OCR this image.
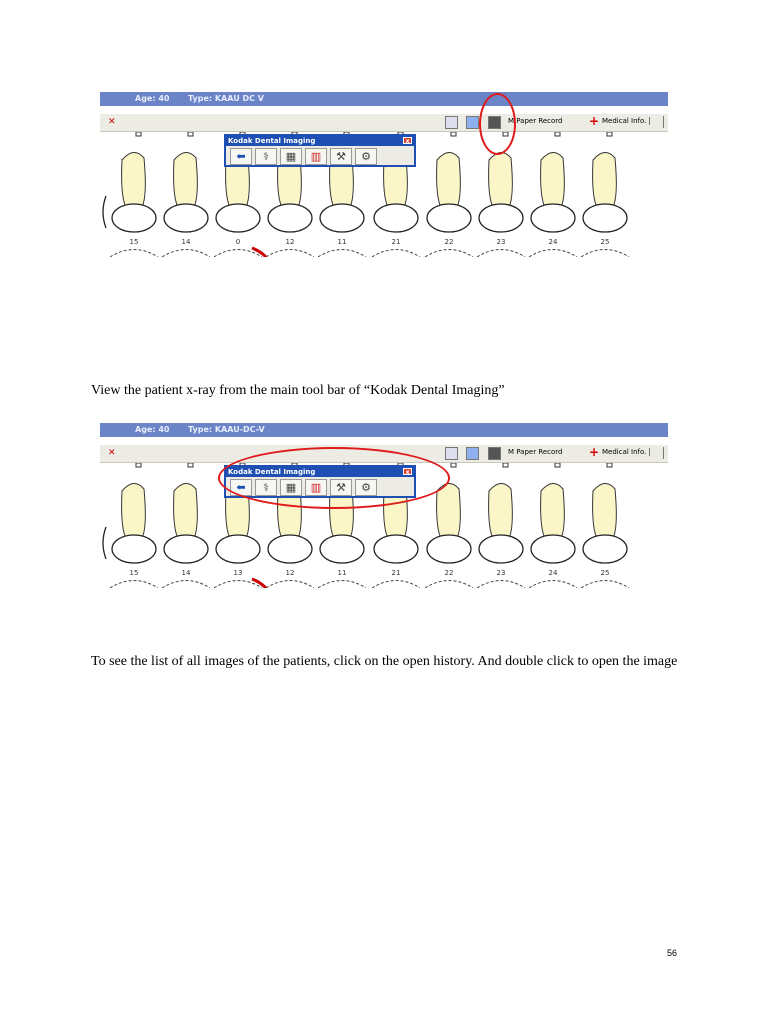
Age: 40 Type: KAAU DC V
✕	M Paper Record + Medical Info.
15	14	0	12	11	21	22	23	24	25
Kodak Dental Imaging	x
⬅ ⚕ ▦ ▥ ⚒ ⚙

View the patient x-ray from the main tool bar of “Kodak Dental Imaging”

Age: 40 Type: KAAU-DC-V
✕	M Paper Record + Medical Info.
15	14	13	12	11	21	22	23	24	25
Kodak Dental Imaging	x
⬅ ⚕ ▦ ▥ ⚒ ⚙

To see the list of all images of the patients, click on the open history. And double click to open the image

56
